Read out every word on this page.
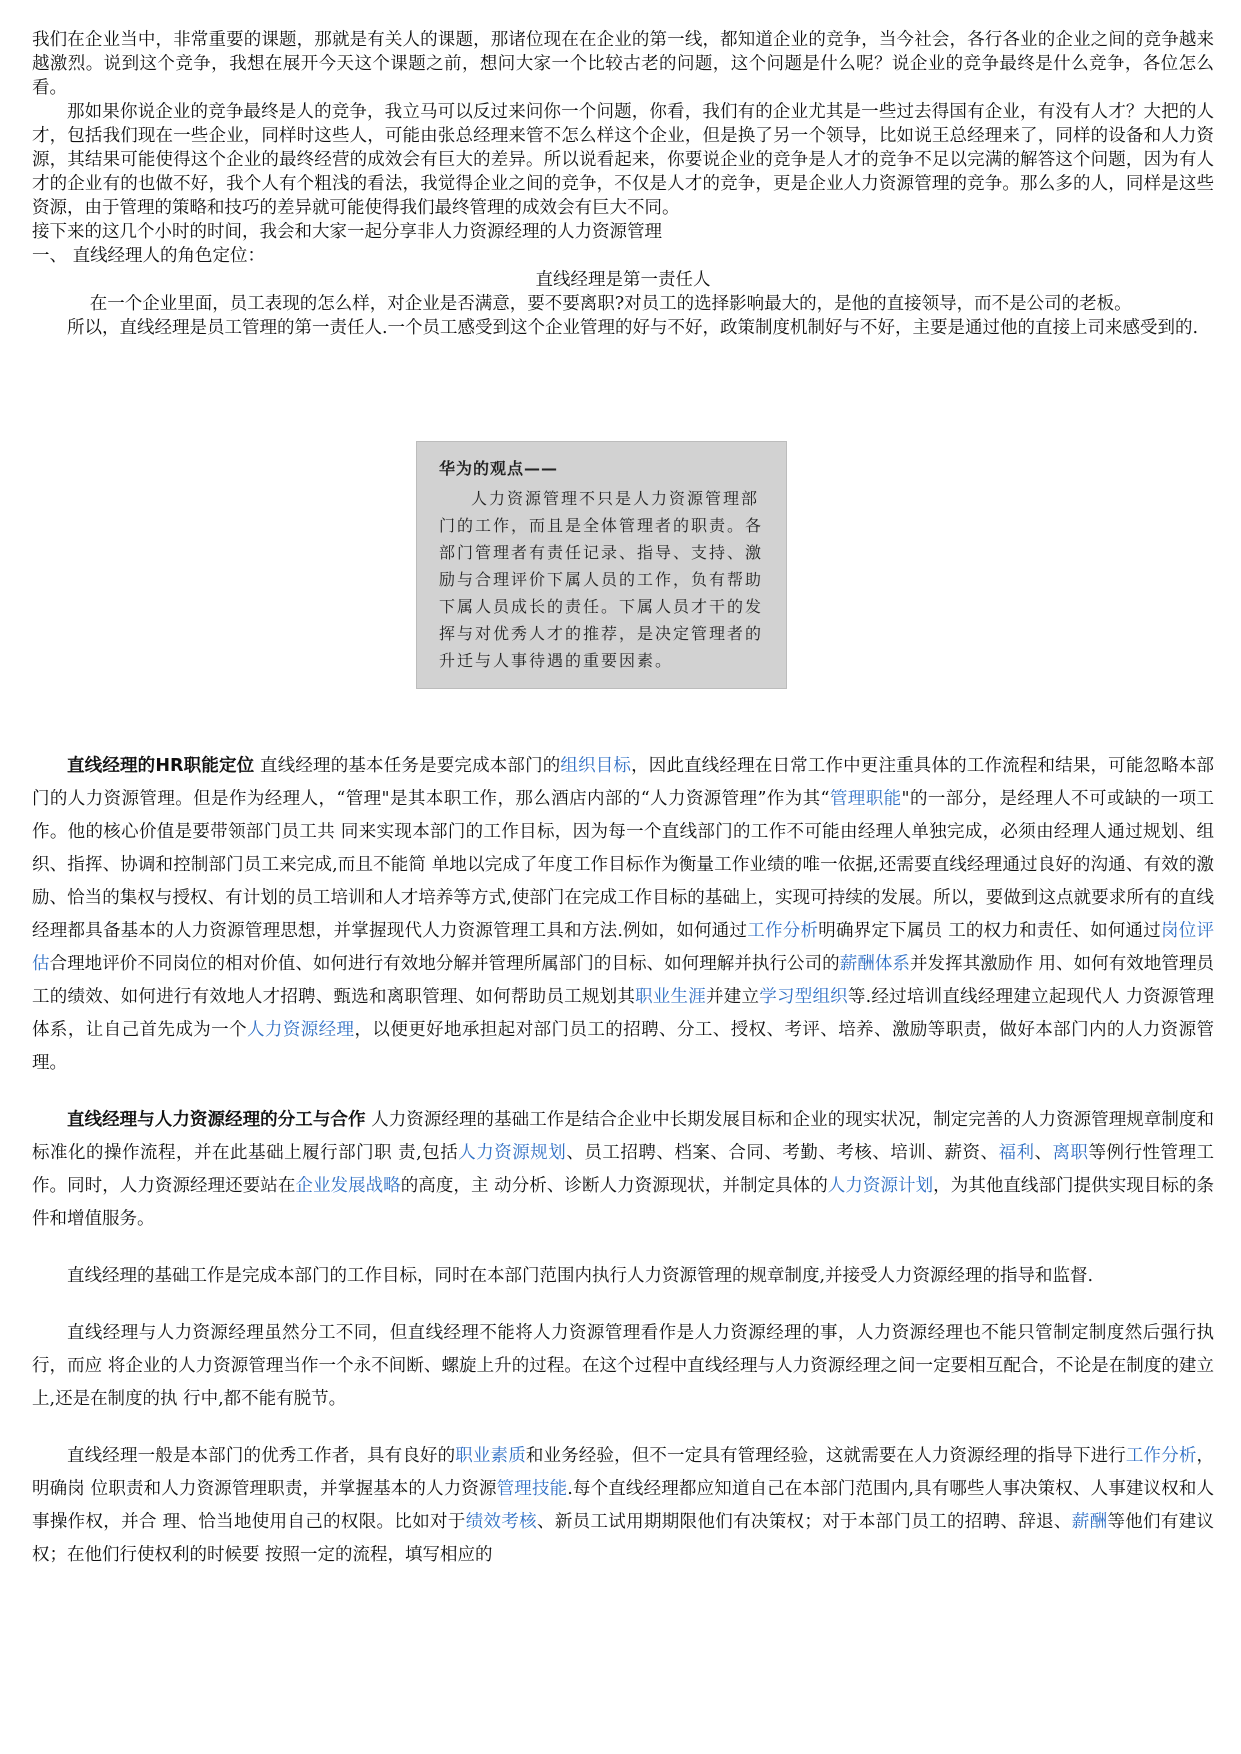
我们在企业当中，非常重要的课题，那就是有关人的课题，那诸位现在在企业的第一线，都知道企业的竞争，当今社会，各行各业的企业之间的竞争越来越激烈。说到这个竞争，我想在展开今天这个课题之前，想问大家一个比较古老的问题，这个问题是什么呢？说企业的竞争最终是什么竞争，各位怎么看。

那如果你说企业的竞争最终是人的竞争，我立马可以反过来问你一个问题，你看，我们有的企业尤其是一些过去得国有企业，有没有人才？大把的人才，包括我们现在一些企业，同样时这些人，可能由张总经理来管不怎么样这个企业，但是换了另一个领导，比如说王总经理来了，同样的设备和人力资源，其结果可能使得这个企业的最终经营的成效会有巨大的差异。所以说看起来，你要说企业的竞争是人才的竞争不足以完满的解答这个问题，因为有人才的企业有的也做不好，我个人有个粗浅的看法，我觉得企业之间的竞争，不仅是人才的竞争，更是企业人力资源管理的竞争。那么多的人，同样是这些资源，由于管理的策略和技巧的差异就可能使得我们最终管理的成效会有巨大不同。

接下来的这几个小时的时间，我会和大家一起分享非人力资源经理的人力资源管理

一、 直线经理人的角色定位：

直线经理是第一责任人

在一个企业里面，员工表现的怎么样，对企业是否满意，要不要离职?对员工的选择影响最大的，是他的直接领导，而不是公司的老板。

所以，直线经理是员工管理的第一责任人.一个员工感受到这个企业管理的好与不好，政策制度机制好与不好，主要是通过他的直接上司来感受到的.

华为的观点——

人力资源管理不只是人力资源管理部门的工作，而且是全体管理者的职责。各部门管理者有责任记录、指导、支持、激励与合理评价下属人员的工作，负有帮助下属人员成长的责任。下属人员才干的发挥与对优秀人才的推荐，是决定管理者的升迁与人事待遇的重要因素。

直线经理的HR职能定位 直线经理的基本任务是要完成本部门的组织目标，因此直线经理在日常工作中更注重具体的工作流程和结果，可能忽略本部门的人力资源管理。但是作为经理人，“管理"是其本职工作，那么酒店内部的“人力资源管理”作为其“管理职能"的一部分，是经理人不可或缺的一项工作。他的核心价值是要带领部门员工共 同来实现本部门的工作目标，因为每一个直线部门的工作不可能由经理人单独完成，必须由经理人通过规划、组织、指挥、协调和控制部门员工来完成,而且不能简 单地以完成了年度工作目标作为衡量工作业绩的唯一依据,还需要直线经理通过良好的沟通、有效的激励、恰当的集权与授权、有计划的员工培训和人才培养等方式,使部门在完成工作目标的基础上，实现可持续的发展。所以，要做到这点就要求所有的直线经理都具备基本的人力资源管理思想，并掌握现代人力资源管理工具和方法.例如，如何通过工作分析明确界定下属员 工的权力和责任、如何通过岗位评估合理地评价不同岗位的相对价值、如何进行有效地分解并管理所属部门的目标、如何理解并执行公司的薪酬体系并发挥其激励作 用、如何有效地管理员工的绩效、如何进行有效地人才招聘、甄选和离职管理、如何帮助员工规划其职业生涯并建立学习型组织等.经过培训直线经理建立起现代人 力资源管理体系，让自己首先成为一个人力资源经理，以便更好地承担起对部门员工的招聘、分工、授权、考评、培养、激励等职责，做好本部门内的人力资源管理。

直线经理与人力资源经理的分工与合作 人力资源经理的基础工作是结合企业中长期发展目标和企业的现实状况，制定完善的人力资源管理规章制度和标准化的操作流程，并在此基础上履行部门职 责,包括人力资源规划、员工招聘、档案、合同、考勤、考核、培训、薪资、福利、离职等例行性管理工作。同时，人力资源经理还要站在企业发展战略的高度，主 动分析、诊断人力资源现状，并制定具体的人力资源计划，为其他直线部门提供实现目标的条件和增值服务。

直线经理的基础工作是完成本部门的工作目标，同时在本部门范围内执行人力资源管理的规章制度,并接受人力资源经理的指导和监督.

直线经理与人力资源经理虽然分工不同，但直线经理不能将人力资源管理看作是人力资源经理的事，人力资源经理也不能只管制定制度然后强行执行，而应 将企业的人力资源管理当作一个永不间断、螺旋上升的过程。在这个过程中直线经理与人力资源经理之间一定要相互配合，不论是在制度的建立上,还是在制度的执 行中,都不能有脱节。

直线经理一般是本部门的优秀工作者，具有良好的职业素质和业务经验，但不一定具有管理经验，这就需要在人力资源经理的指导下进行工作分析，明确岗 位职责和人力资源管理职责，并掌握基本的人力资源管理技能.每个直线经理都应知道自己在本部门范围内,具有哪些人事决策权、人事建议权和人事操作权，并合 理、恰当地使用自己的权限。比如对于绩效考核、新员工试用期期限他们有决策权；对于本部门员工的招聘、辞退、薪酬等他们有建议权；在他们行使权利的时候要 按照一定的流程，填写相应的
